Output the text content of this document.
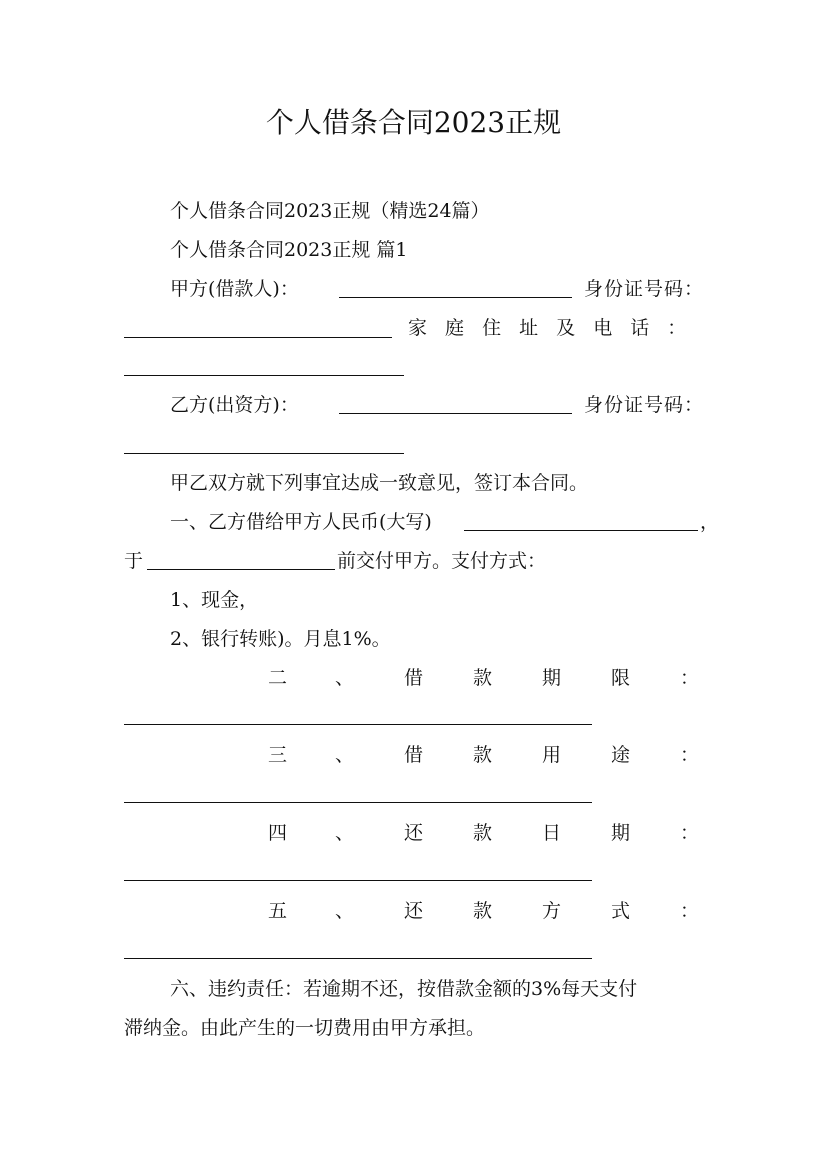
个人借条合同2023正规

个人借条合同2023正规（精选24篇）

个人借条合同2023正规 篇1

甲方(借款人)：	身份证号码：

家 庭 住 址 及 电 话 ：

乙方(出资方)：	身份证号码：

甲乙双方就下列事宜达成一致意见，签订本合同。

一、乙方借给甲方人民币(大写)	，

于	前交付甲方。支付方式：

1、现金，

2、银行转账)。月息1%。

二	、	借	款	期	限	：
三	、	借	款	用	途	：
四	、	还	款	日	期	：
五	、	还	款	方	式	：

六、违约责任：若逾期不还，按借款金额的3%每天支付

滞纳金。由此产生的一切费用由甲方承担。
